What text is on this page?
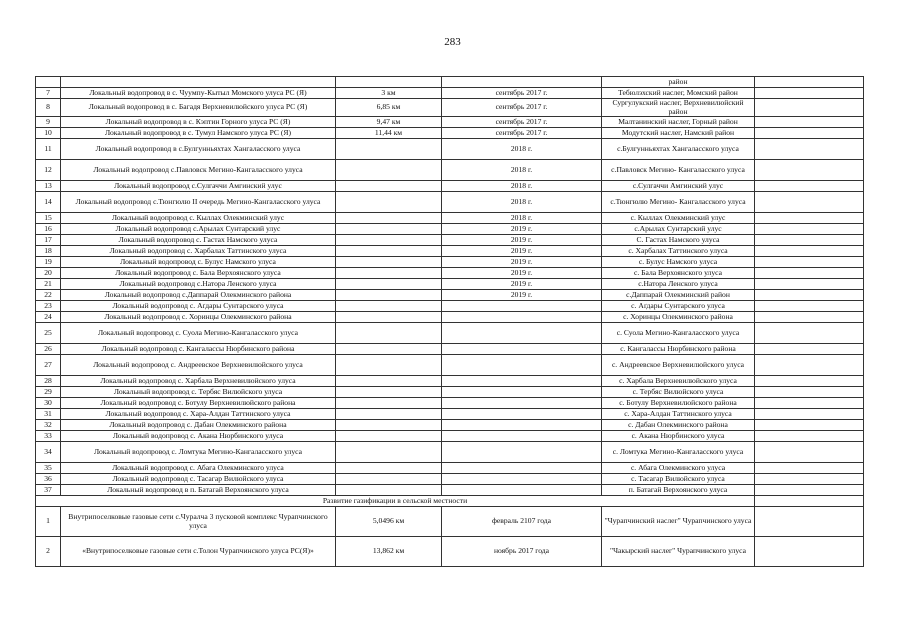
283
				район	
7	Локальный водопровод в с. Чуумпу-Кытыл Момского улуса РС (Я)	3 км	сентябрь 2017 г.	Тебюлэхский наслег, Момский район	
8	Локальный водопровод в с. Багадя Верхневилюйского улуса РС (Я)	6,85 км	сентябрь 2017 г.	Сургулукский наслег, Верхневилюйский район	
9	Локальный водопровод в с. Кэптин Горного улуса РС (Я)	9,47 км	сентябрь 2017 г.	Малтанинский наслег, Горный район	
10	Локальный водопровод в с. Тумул Намского улуса РС (Я)	11,44 км	сентябрь 2017 г.	Модутский наслег, Намский район	
11	Локальный водопровод в с.Булгунньяхтах Хангаласского улуса		2018 г.	с.Булгунньяхтах Хангаласского улуса	
12	Локальный водопровод с.Павловск Мегино-Кангаласского улуса		2018 г.	с.Павловск Мегино- Кангаласского улуса	
13	Локальный водопровод с.Сулгаччи Амгинский улус		2018 г.	с.Сулгаччи Амгинский улус	
14	Локальный водопровод с.Тюнгюлю II очередь Мегино-Кангаласского улуса		2018 г.	с.Тюнгюлю Мегино- Кангаласского улуса	
15	Локальный водопровод с. Кыллах Олекминский улус		2018 г.	с. Кыллах Олекминский улус	
16	Локальный водопровод с.Арылах Сунтарский улус		2019 г.	с.Арылах Сунтарский улус	
17	Локальный водопровод с. Гастах Намского улуса		2019 г.	С. Гастах Намского улуса	
18	Локальный водопровод с. Харбалах Таттинского улуса		2019 г.	с. Харбалах Таттинского улуса	
19	Локальный водопровод с. Булус Намского улуса		2019 г.	с. Булус Намского улуса	
20	Локальный водопровод с. Бала Верхоянского улуса		2019 г.	с. Бала Верхоянского улуса	
21	Локальный водопровод с.Натора Ленского улуса		2019 г.	с.Натора Ленского улуса	
22	Локальный водопровод с.Даппарай Олекминского района		2019 г.	с.Даппарай Олекминский район	
23	Локальный водопровод с. Аґдары Сунтарского улуса			с. Аґдары Сунтарского улуса	
24	Локальный водопровод с. Хоринцы Олекминского района			с. Хоринцы Олекминского района	
25	Локальный водопровод с. Суола Мегино-Кангаласского улуса			с. Суола Мегино-Кангаласского улуса	
26	Локальный водопровод с. Кангалассы Нюрбинского района			с. Кангалассы Нюрбинского района	
27	Локальный водопровод с. Андреевское Верхневилюйского улуса			с. Андреевское Верхневилюйского улуса	
28	Локальный водопровод с. Харбала Верхневилюйского улуса			с. Харбала Верхневилюйского улуса	
29	Локальный водопровод с. Тербяс Вилюйского улуса			с. Тербяс Вилюйского улуса	
30	Локальный водопровод с. Ботулу Верхневилюйского района			с. Ботулу Верхневилюйского района	
31	Локальный водопровод с. Хара-Алдан Таттинского улуса			с. Хара-Алдан Таттинского улуса	
32	Локальный водопровод с. Дабан Олекминского района			с. Дабан Олекминского района	
33	Локальный водопровод с. Акана Нюрбинского улуса			с. Акана Нюрбинского улуса	
34	Локальный водопровод с. Ломтука Мегино-Кангаласского улуса			с. Ломтука Мегино-Кангаласского улуса	
35	Локальный водопровод с. Абага Олекминского улуса			с. Абага Олекминского улуса	
36	Локальный водопровод с. Тасагар Вилюйского улуса			с. Тасагар Вилюйского улуса	
37	Локальный водопровод в п. Батагай Верхоянского улуса			п. Батагай Верхоянского улуса	
Развитие газификации в сельской местности					
1	Внутрипоселковые газовые сети с.Чуралча 3 пусковой комплекс Чурапчинского улуса	5,0496 км	февраль 2107 года	"Чурапчинский наслег" Чурапчинского улуса	
2	«Внутрипоселковые газовые сети с.Толон Чурапчинского улуса РС(Я)»	13,862 км	ноябрь 2017 года	"Чакырский наслег" Чурапчинского улуса	
